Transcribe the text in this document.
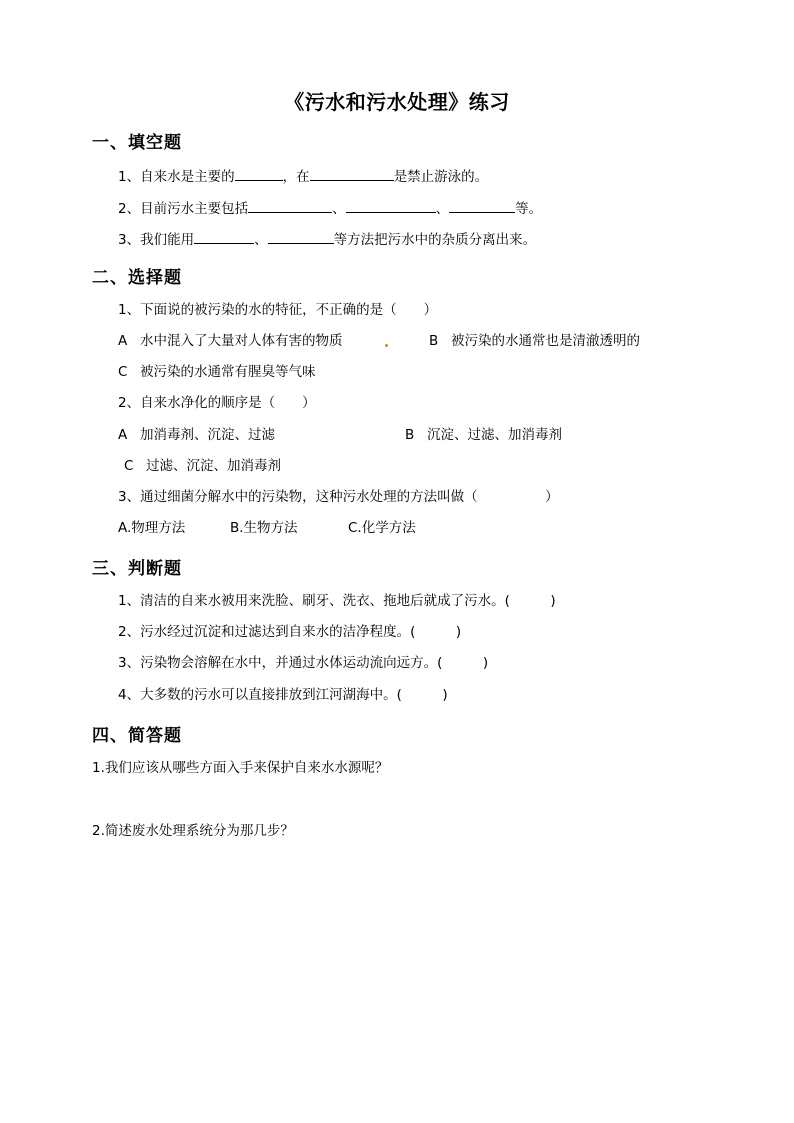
《污水和污水处理》练习
一、填空题
1、自来水是主要的	，在	是禁止游泳的。
2、目前污水主要包括	、	、	等。
3、我们能用	、	等方法把污水中的杂质分离出来。
二、选择题
1、下面说的被污染的水的特征，不正确的是（　　）
A 水中混入了大量对人体有害的物质	B 被污染的水通常也是清澈透明的
C 被污染的水通常有腥臭等气味
2、自来水净化的顺序是（　　）
A 加消毒剂、沉淀、过滤	B 沉淀、过滤、加消毒剂
C 过滤、沉淀、加消毒剂
3、通过细菌分解水中的污染物，这种污水处理的方法叫做（　　　　　）
A.物理方法	B.生物方法	C.化学方法
三、判断题
1、清洁的自来水被用来洗脸、刷牙、洗衣、拖地后就成了污水。(　　　)
2、污水经过沉淀和过滤达到自来水的洁净程度。(　　　)
3、污染物会溶解在水中，并通过水体运动流向远方。(　　　)
4、大多数的污水可以直接排放到江河湖海中。(　　　)
四、简答题
1.我们应该从哪些方面入手来保护自来水水源呢？
2.简述废水处理系统分为那几步？
